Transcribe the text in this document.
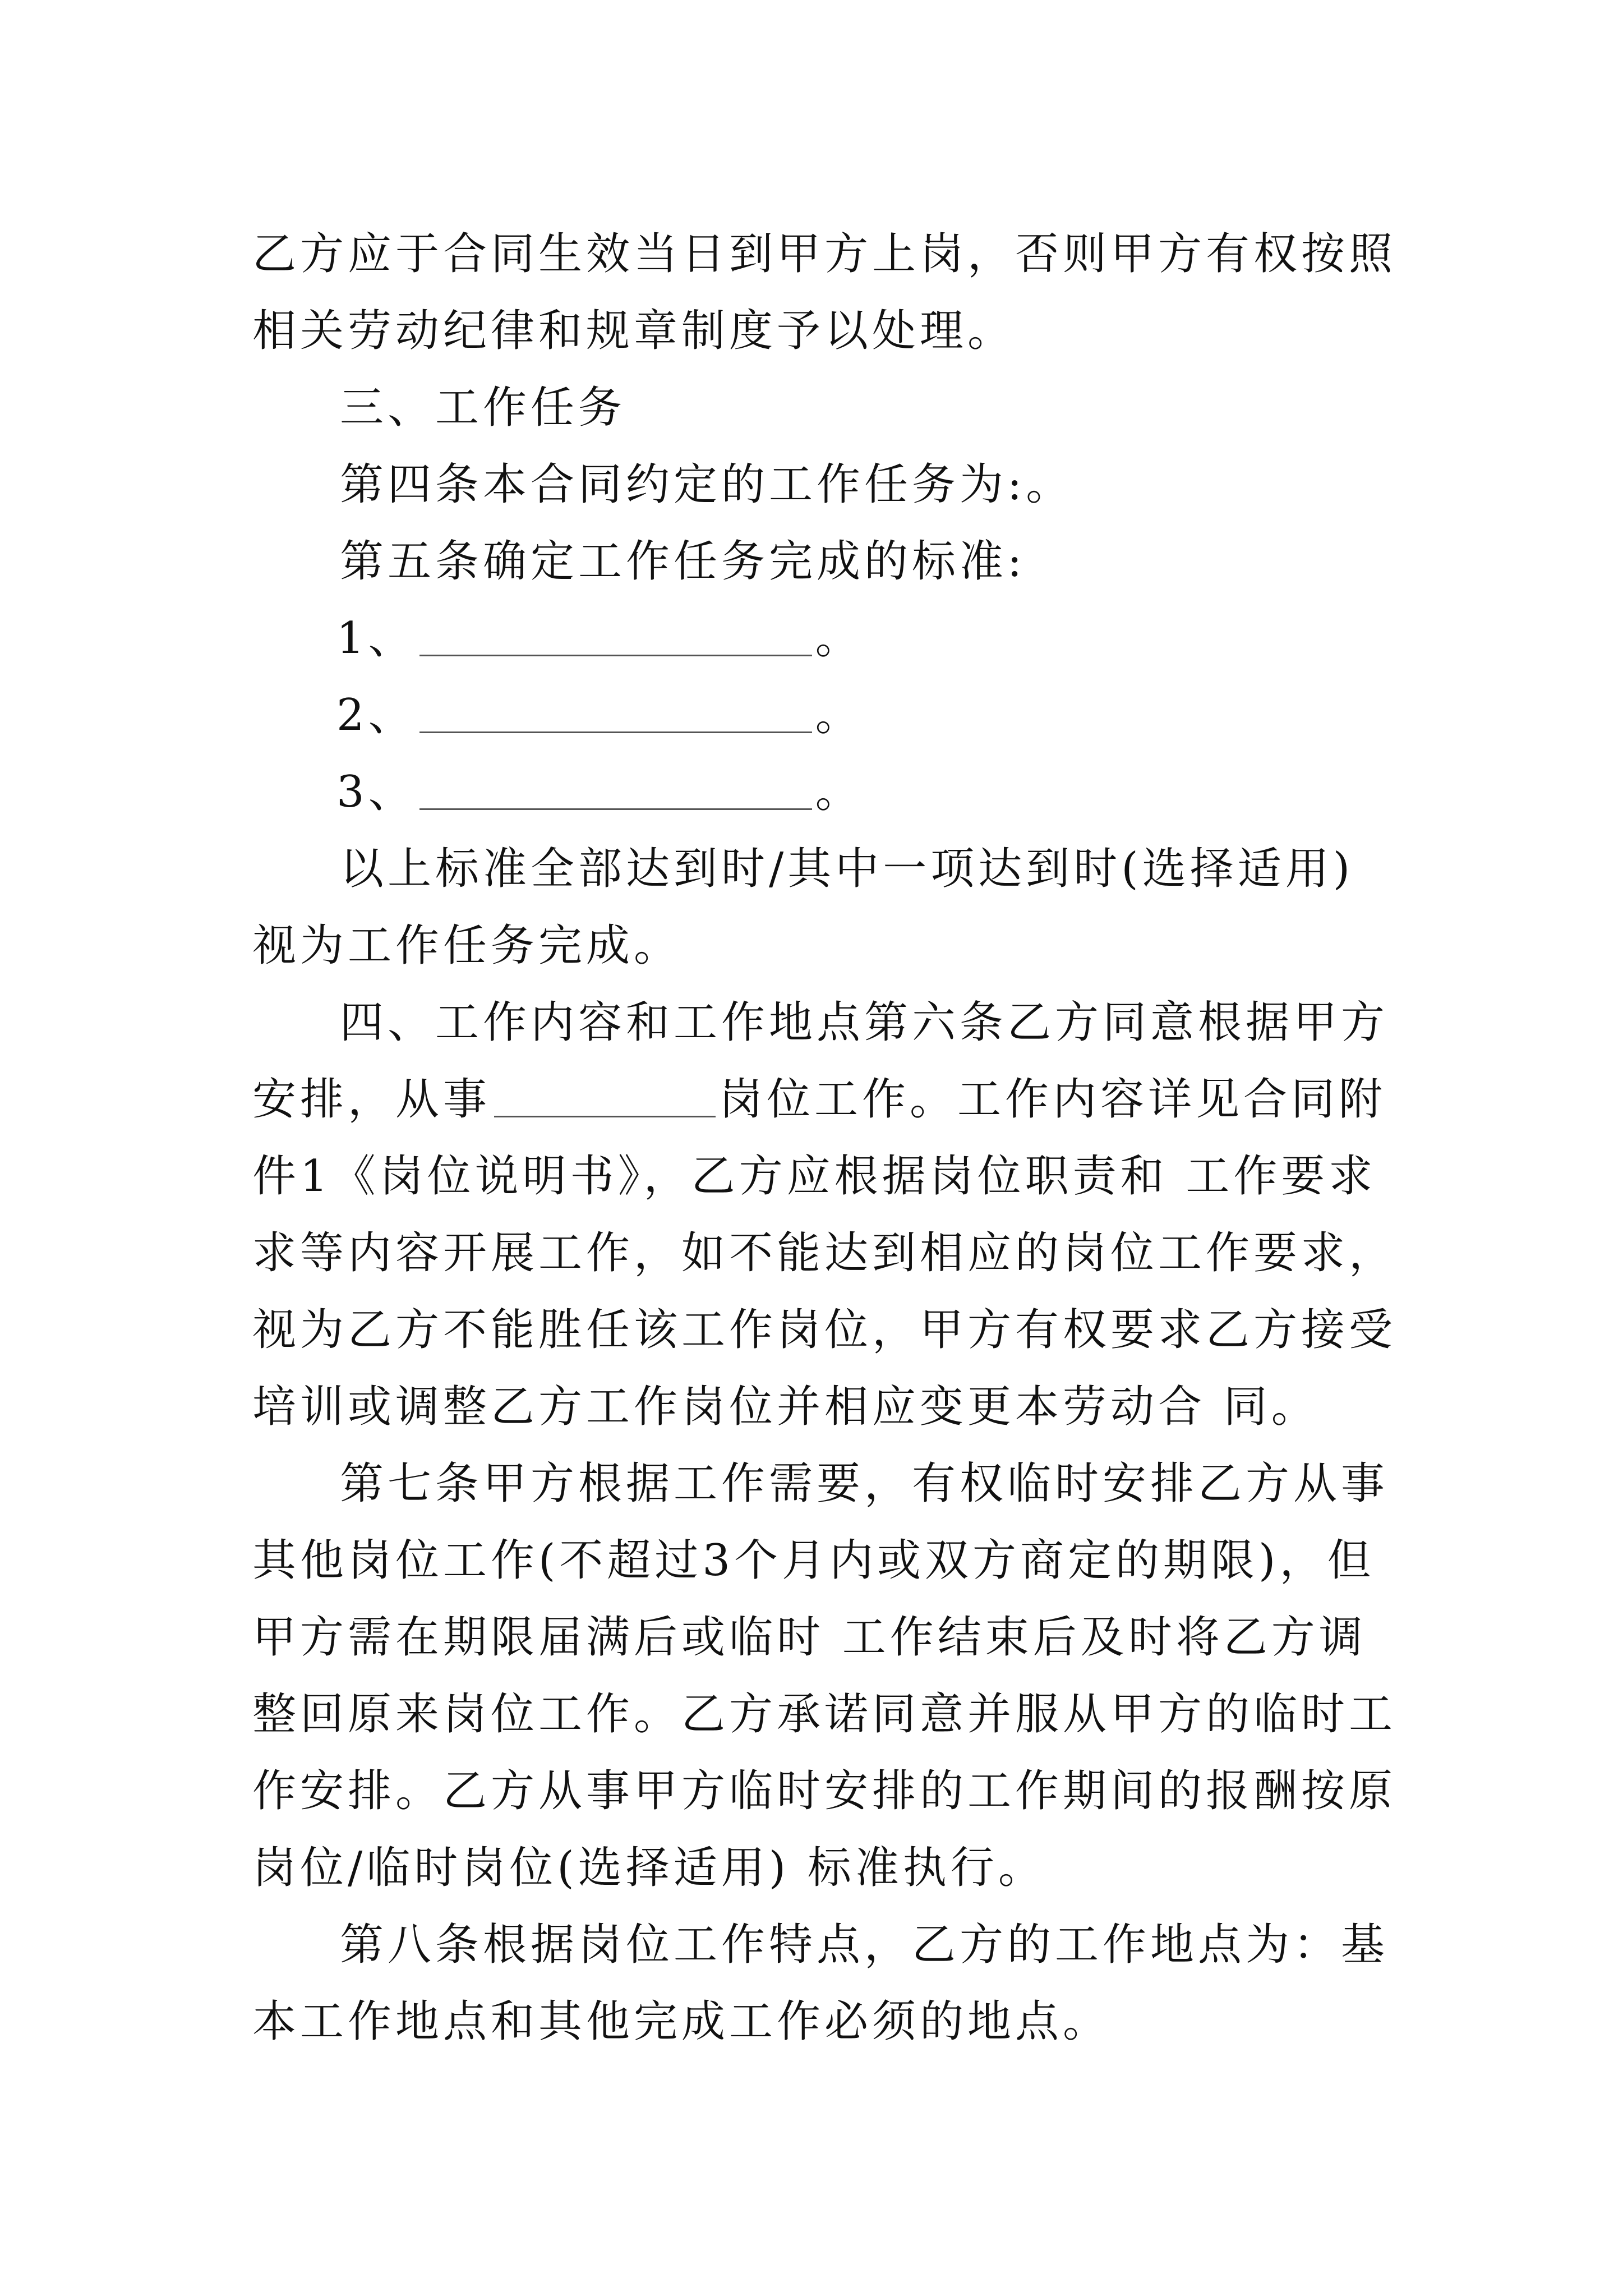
乙方应于合同生效当日到甲方上岗，否则甲方有权按照相关劳动纪律和规章制度予以处理。

三、工作任务

第四条本合同约定的工作任务为:。

第五条确定工作任务完成的标准:

1、	。

2、	。

3、	。

以上标准全部达到时/其中一项达到时(选择适用)视为工作任务完成。

四、工作内容和工作地点第六条乙方同意根据甲方安排，从事	岗位工作。工作内容详见合同附件1《岗位说明书》，乙方应根据岗位职责和 工作要求求等内容开展工作，如不能达到相应的岗位工作要求，视为乙方不能胜任该工作岗位，甲方有权要求乙方接受培训或调整乙方工作岗位并相应变更本劳动合 同。

第七条甲方根据工作需要，有权临时安排乙方从事其他岗位工作(不超过3个月内或双方商定的期限)，但甲方需在期限届满后或临时 工作结束后及时将乙方调整回原来岗位工作。乙方承诺同意并服从甲方的临时工作安排。乙方从事甲方临时安排的工作期间的报酬按原岗位/临时岗位(选择适用) 标准执行。

第八条根据岗位工作特点，乙方的工作地点为：基本工作地点和其他完成工作必须的地点。
